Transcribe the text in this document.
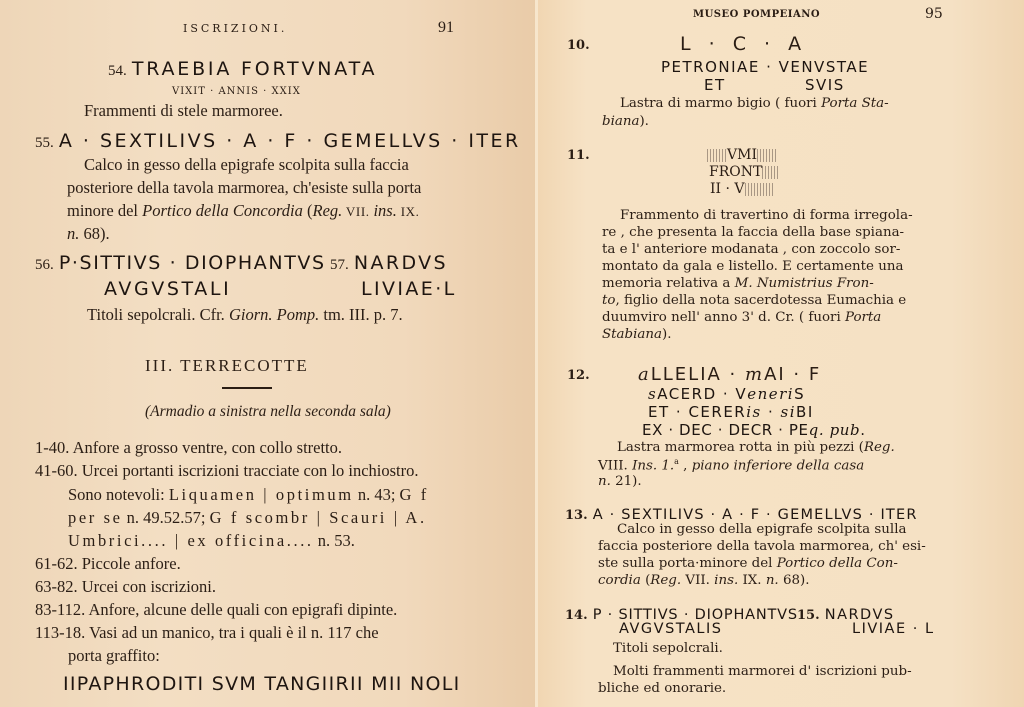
ISCRIZIONI.	91
54. TRAEBIA FORTVNATA
VIXIT · ANNIS · XXIX
Frammenti di stele marmoree.
55. A · SEXTILIVS · A · F · GEMELLVS · ITER
Calco in gesso della epigrafe scolpita sulla faccia
posteriore della tavola marmorea, ch'esiste sulla porta
minore del Portico della Concordia (Reg. VII. ins. IX.
n. 68).
56. P·SITTIVS · DIOPHANTVS
AVGVSTALI
57. NARDVS
LIVIAE·L
Titoli sepolcrali. Cfr. Giorn. Pomp. tm. III. p. 7.
III. TERRECOTTE
(Armadio a sinistra nella seconda sala)
1-40. Anfore a grosso ventre, con collo stretto.
41-60. Urcei portanti iscrizioni tracciate con lo inchiostro.
Sono notevoli: Liquamen | optimum n. 43; G f
per se n. 49.52.57; G f scombr | Scauri | A.
Umbrici.... | ex officina.... n. 53.
61-62. Piccole anfore.
63-82. Urcei con iscrizioni.
83-112. Anfore, alcune delle quali con epigrafi dipinte.
113-18. Vasi ad un manico, tra i quali è il n. 117 che
porta graffito:
IIPAPHRODITI SVM TANGIIRII MII NOLI
MUSEO POMPEIANO	95
10.	L · C · A
PETRONIAE · VENVSTAE
ET	SVIS
Lastra di marmo bigio ( fuori Porta Sta-
biana).
11.	VMI
FRONT
II · V
Frammento di travertino di forma irregola-
re , che presenta la faccia della base spiana-
ta e l' anteriore modanata , con zoccolo sor-
montato da gala e listello. E certamente una
memoria relativa a M. Numistrius Fron-
to, figlio della nota sacerdotessa Eumachia e
duumviro nell' anno 3' d. Cr. ( fuori Porta
Stabiana).
12.	aLLELIA · mAI · F
sACERD · VeneriS
ET · CERERis · siBI
EX · DEC · DECR · PEq. pub.
Lastra marmorea rotta in più pezzi (Reg.
VIII. Ins. 1.$^a$ , piano inferiore della casa
n. 21).
13. A · SEXTILIVS · A · F · GEMELLVS · ITER
Calco in gesso della epigrafe scolpita sulla
faccia posteriore della tavola marmorea, ch' esi-
ste sulla porta·minore del Portico della Con-
cordia (Reg. VII. ins. IX. n. 68).
14. P · SITTIVS · DIOPHANTVS
AVGVSTALIS
15. NARDVS
LIVIAE · L
Titoli sepolcrali.
Molti frammenti marmorei d' iscrizioni pub-
bliche ed onorarie.
